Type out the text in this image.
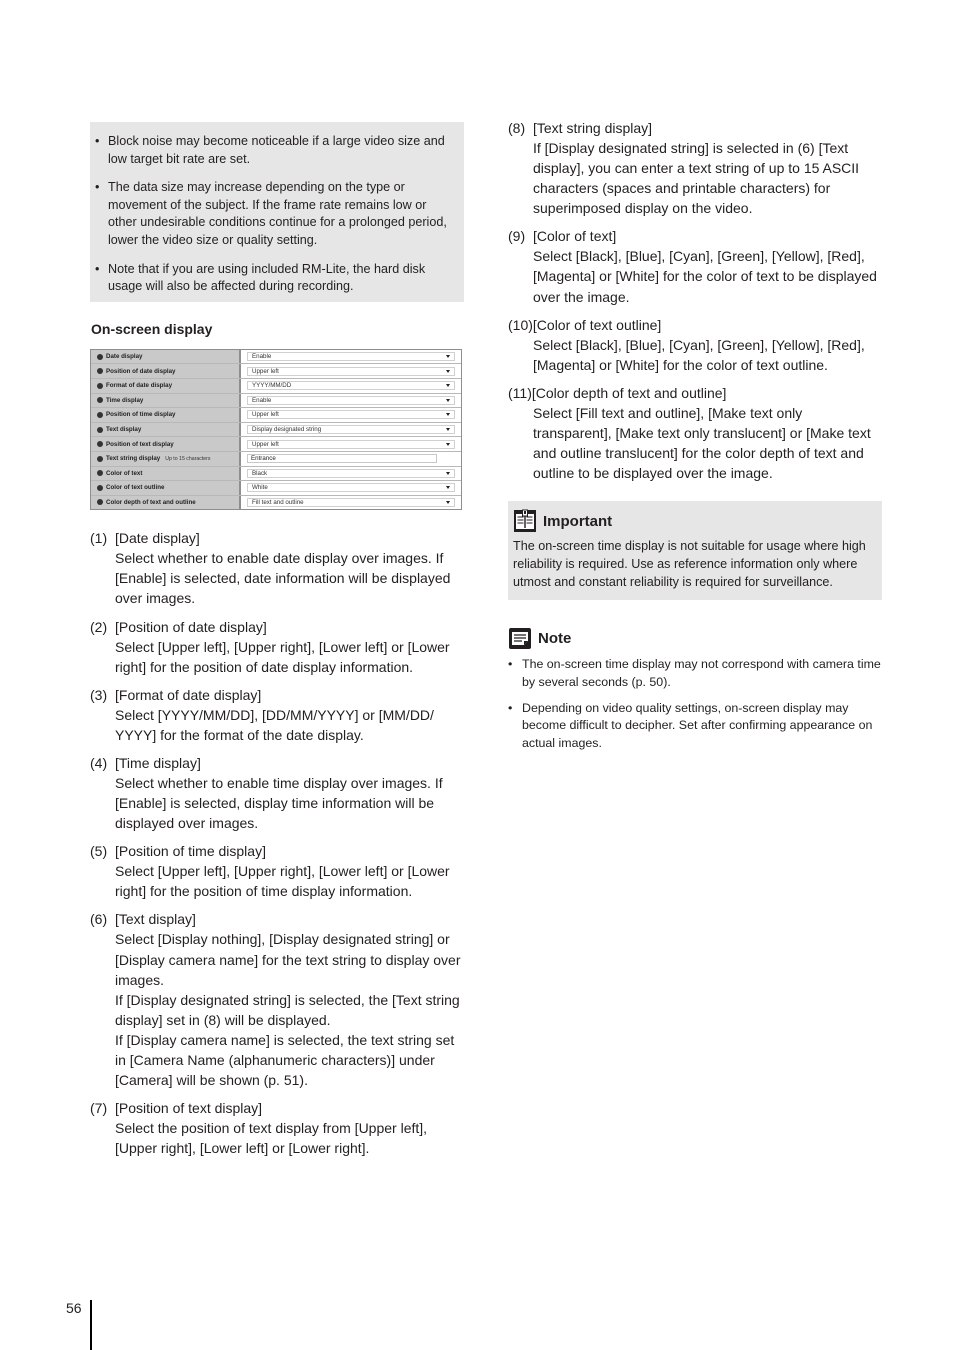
• Block noise may become noticeable if a large video size and low target bit rate are set.
• The data size may increase depending on the type or movement of the subject. If the frame rate remains low or other undesirable conditions continue for a prolonged period, lower the video size or quality setting.
• Note that if you are using included RM-Lite, the hard disk usage will also be affected during recording.
On-screen display
Date display	Enable
Position of date display	Upper left
Format of date display	YYYY/MM/DD
Time display	Enable
Position of time display	Upper left
Text display	Display designated string
Position of text display	Upper left
Text string display Up to 15 characters	Entrance
Color of text	Black
Color of text outline	White
Color depth of text and outline	Fill text and outline
(1) [Date display]

Select whether to enable date display over images. If [Enable] is selected, date information will be displayed over images.

(2) [Position of date display]

Select [Upper left], [Upper right], [Lower left] or [Lower right] for the position of date display information.

(3) [Format of date display]

Select [YYYY/MM/DD], [DD/MM/YYYY] or [MM/DD/ YYYY] for the format of the date display.

(4) [Time display]

Select whether to enable time display over images. If [Enable] is selected, display time information will be displayed over images.

(5) [Position of time display]

Select [Upper left], [Upper right], [Lower left] or [Lower right] for the position of time display information.

(6) [Text display]

Select [Display nothing], [Display designated string] or [Display camera name] for the text string to display over images.

If [Display designated string] is selected, the [Text string display] set in (8) will be displayed.

If [Display camera name] is selected, the text string set in [Camera Name (alphanumeric characters)] under [Camera] will be shown (p. 51).

(7) [Position of text display]

Select the position of text display from [Upper left], [Upper right], [Lower left] or [Lower right].

(8) [Text string display]

If [Display designated string] is selected in (6) [Text display], you can enter a text string of up to 15 ASCII characters (spaces and printable characters) for superimposed display on the video.

(9) [Color of text]

Select [Black], [Blue], [Cyan], [Green], [Yellow], [Red], [Magenta] or [White] for the color of text to be displayed over the image.

(10) [Color of text outline]

Select [Black], [Blue], [Cyan], [Green], [Yellow], [Red], [Magenta] or [White] for the color of text outline.

(11) [Color depth of text and outline]

Select [Fill text and outline], [Make text only transparent], [Make text only translucent] or [Make text and outline translucent] for the color depth of text and outline to be displayed over the image.

Important
The on-screen time display is not suitable for usage where high reliability is required. Use as reference information only where utmost and constant reliability is required for surveillance.
Note
• The on-screen time display may not correspond with camera time by several seconds (p. 50).
• Depending on video quality settings, on-screen display may become difficult to decipher. Set after confirming appearance on actual images.
56
